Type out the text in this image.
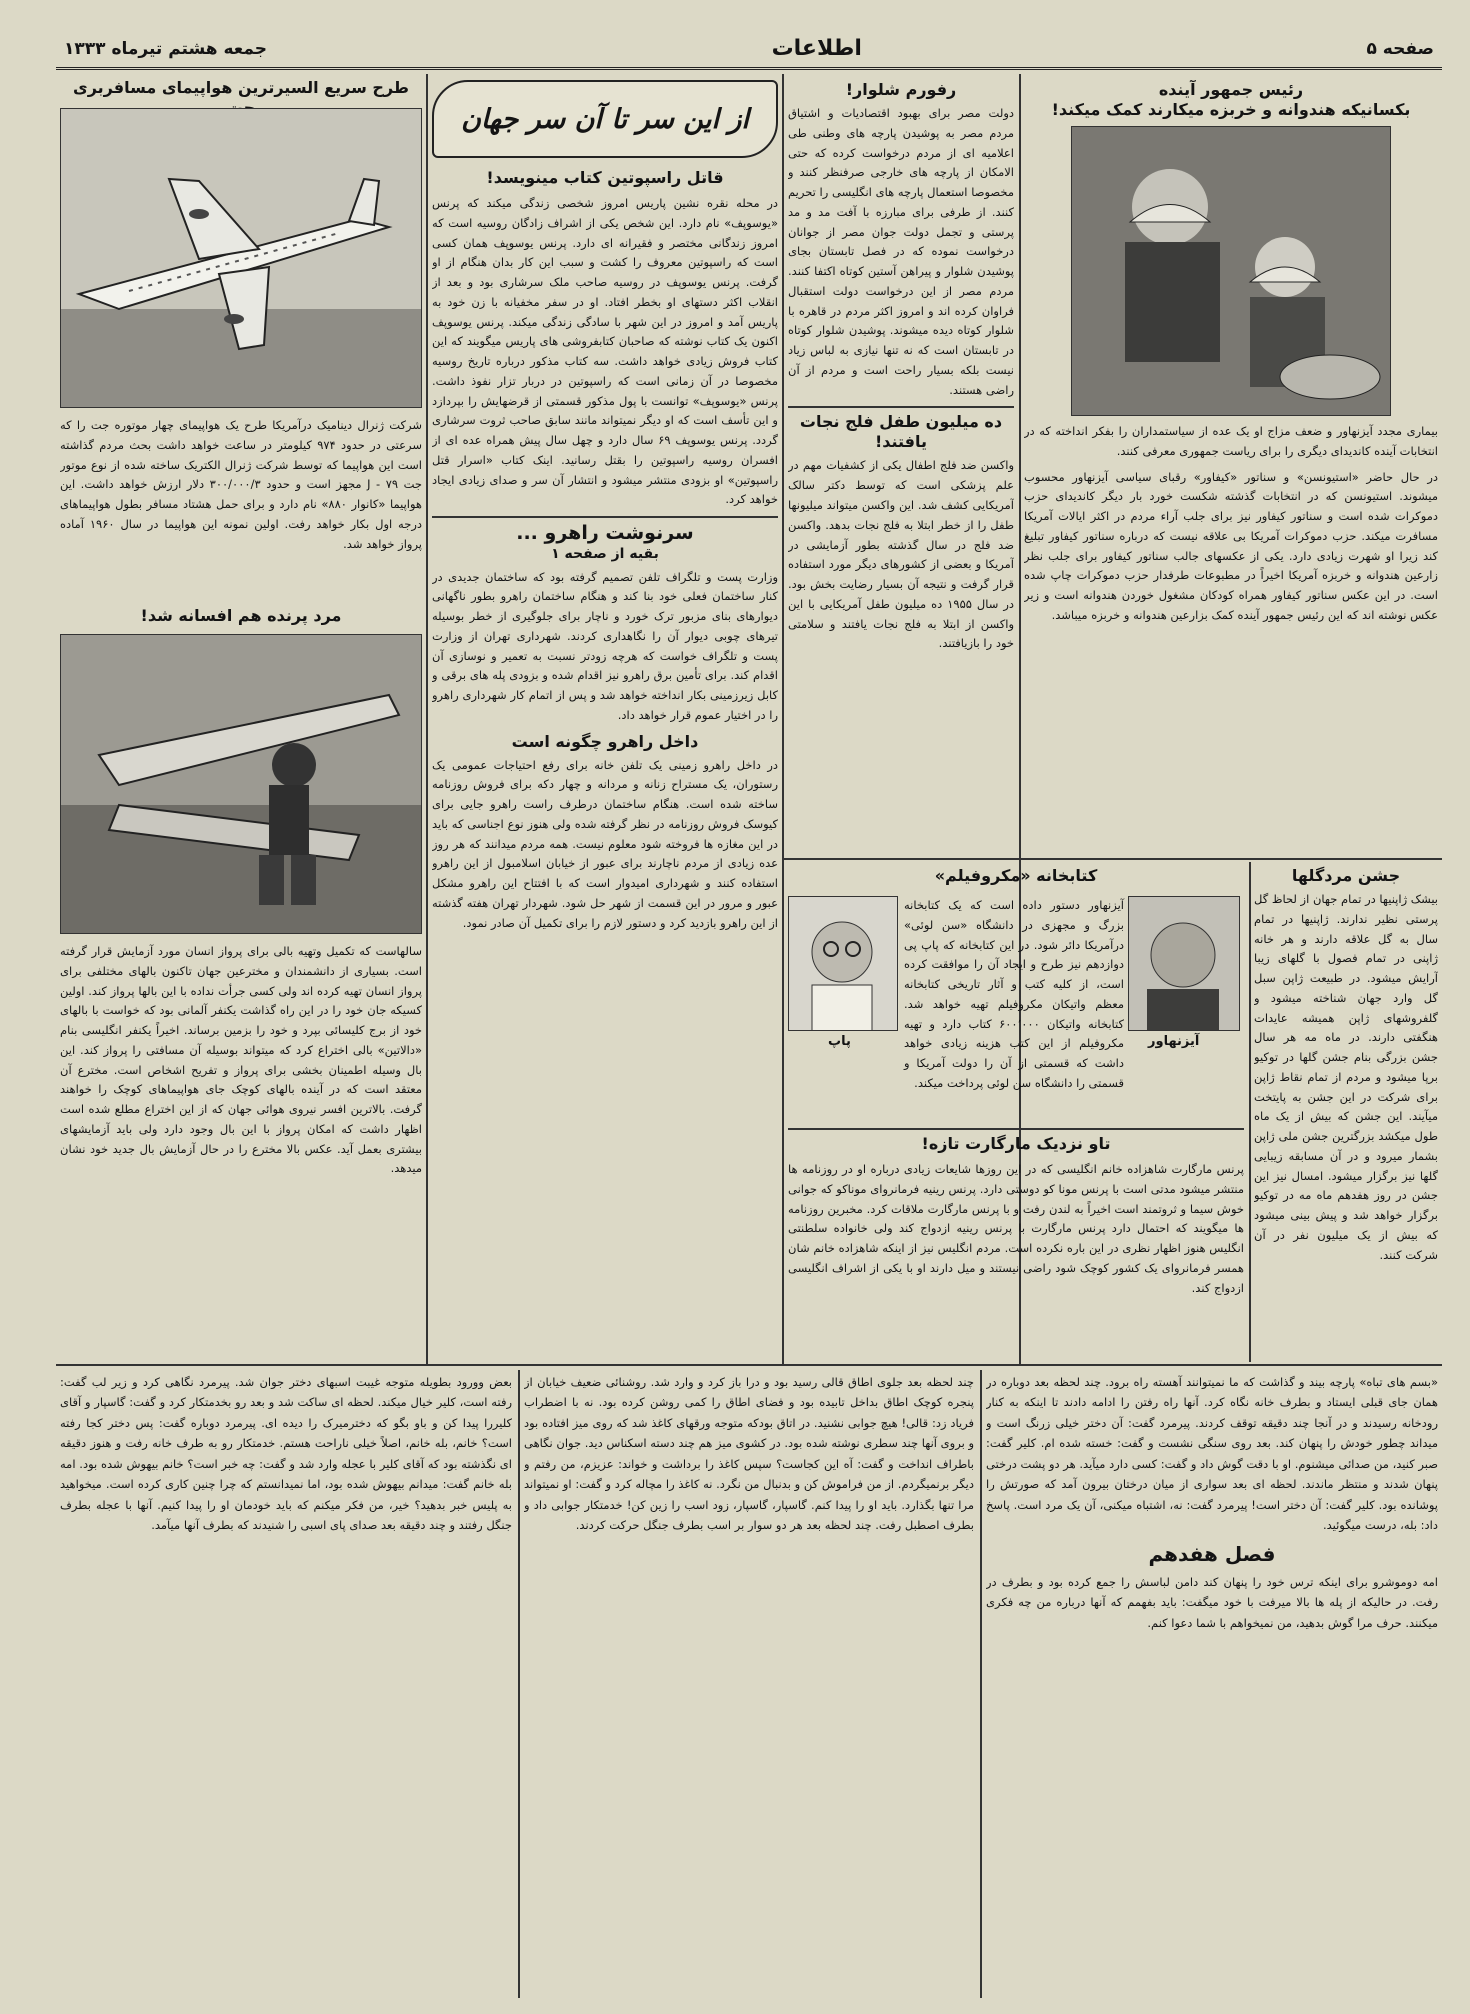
صفحه ۵
اطلاعات
جمعه هشتم تیرماه ۱۳۳۳
طرح سریع السیرترین هواپیمای مسافربری

شرکت ژنرال دینامیک درآمریکا طرح یک هواپیمای چهار موتوره جت را که سرعتی در حدود ۹۷۴ کیلومتر در ساعت خواهد داشت بحث مردم گذاشته است این هواپیما که توسط شرکت ژنرال الکتریک ساخته شده از نوع موتور جت ۷۹ - J مجهز است و حدود ۳۰۰/۰۰۰/۳ دلار ارزش خواهد داشت. این هواپیما «کانوار ۸۸۰» نام دارد و برای حمل هشتاد مسافر بطول هواپیماهای درجه اول بکار خواهد رفت. اولین نمونه این هواپیما در سال ۱۹۶۰ آماده پرواز خواهد شد.

مرد پرنده هم افسانه شد!

سالهاست که تکمیل وتهیه بالی برای پرواز انسان مورد آزمایش قرار گرفته است. بسیاری از دانشمندان و مخترعین جهان تاکنون بالهای مختلفی برای پرواز انسان تهیه کرده اند ولی کسی جرأت نداده با این بالها پرواز کند. اولین کسیکه جان خود را در این راه گذاشت یکنفر آلمانی بود که خواست با بالهای خود از برج کلیسائی بپرد و خود را بزمین برساند. اخیراً یکنفر انگلیسی بنام «دالاتین» بالی اختراع کرد که میتواند بوسیله آن مسافتی را پرواز کند. این بال وسیله اطمینان بخشی برای پرواز و تفریح اشخاص است. مخترع آن معتقد است که در آینده بالهای کوچک جای هواپیماهای کوچک را خواهند گرفت. بالاترین افسر نیروی هوائی جهان که از این اختراع مطلع شده است اظهار داشت که امکان پرواز با این بال وجود دارد ولی باید آزمایشهای بیشتری بعمل آید. عکس بالا مخترع را در حال آزمایش بال جدید خود نشان میدهد.

از این سر تا آن سر جهان
قاتل راسپوتین کتاب مینویسد!

در محله نقره نشین پاریس امروز شخصی زندگی میکند که پرنس «یوسوپف» نام دارد. این شخص یکی از اشراف زادگان روسیه است که امروز زندگانی مختصر و فقیرانه ای دارد. پرنس یوسوپف همان کسی است که راسپوتین معروف را کشت و سبب این کار بدان هنگام از او گرفت. پرنس یوسوپف در روسیه صاحب ملک سرشاری بود و بعد از انقلاب اکثر دستهای او بخطر افتاد. او در سفر مخفیانه با زن خود به پاریس آمد و امروز در این شهر با سادگی زندگی میکند. پرنس یوسوپف اکنون یک کتاب نوشته که صاحبان کتابفروشی های پاریس میگویند که این کتاب فروش زیادی خواهد داشت. سه کتاب مذکور درباره تاریخ روسیه مخصوصا در آن زمانی است که راسپوتین در دربار تزار نفوذ داشت. پرنس «یوسوپف» توانست با پول مذکور قسمتی از قرضهایش را بپردازد و این تأسف است که او دیگر نمیتواند مانند سابق صاحب ثروت سرشاری گردد. پرنس یوسوپف ۶۹ سال دارد و چهل سال پیش همراه عده ای از افسران روسیه راسپوتین را بقتل رسانید. اینک کتاب «اسرار قتل راسپوتین» او بزودی منتشر میشود و انتشار آن سر و صدای زیادی ایجاد خواهد کرد.

سرنوشت راهرو ...
بقیه از صفحه ۱

وزارت پست و تلگراف تلفن تصمیم گرفته بود که ساختمان جدیدی در کنار ساختمان فعلی خود بنا کند و هنگام ساختمان راهرو بطور ناگهانی دیوارهای بنای مزبور ترک خورد و ناچار برای جلوگیری از خطر بوسیله تیرهای چوبی دیوار آن را نگاهداری کردند. شهرداری تهران از وزارت پست و تلگراف خواست که هرچه زودتر نسبت به تعمیر و نوسازی آن اقدام کند. برای تأمین برق راهرو نیز اقدام شده و بزودی پله های برقی و کابل زیرزمینی بکار انداخته خواهد شد و پس از اتمام کار شهرداری راهرو را در اختیار عموم قرار خواهد داد.

داخل راهرو چگونه است

در داخل راهرو زمینی یک تلفن خانه برای رفع احتیاجات عمومی یک رستوران، یک مستراح زنانه و مردانه و چهار دکه برای فروش روزنامه ساخته شده است. هنگام ساختمان درطرف راست راهرو جایی برای کیوسک فروش روزنامه در نظر گرفته شده ولی هنوز نوع اجناسی که باید در این مغازه ها فروخته شود معلوم نیست. همه مردم میدانند که هر روز عده زیادی از مردم ناچارند برای عبور از خیابان اسلامبول از این راهرو استفاده کنند و شهرداری امیدوار است که با افتتاح این راهرو مشکل عبور و مرور در این قسمت از شهر حل شود. شهردار تهران هفته گذشته از این راهرو بازدید کرد و دستور لازم را برای تکمیل آن صادر نمود.

رفورم شلوار!

دولت مصر برای بهبود اقتصادیات و اشتیاق مردم مصر به پوشیدن پارچه های وطنی طی اعلامیه ای از مردم درخواست کرده که حتی الامکان از پارچه های خارجی صرفنظر کنند و مخصوصا استعمال پارچه های انگلیسی را تحریم کنند. از طرفی برای مبارزه با آفت مد و مد پرستی و تجمل دولت جوان مصر از جوانان درخواست نموده که در فصل تابستان بجای پوشیدن شلوار و پیراهن آستین کوتاه اکتفا کنند. مردم مصر از این درخواست دولت استقبال فراوان کرده اند و امروز اکثر مردم در قاهره با شلوار کوتاه دیده میشوند. پوشیدن شلوار کوتاه در تابستان است که نه تنها نیازی به لباس زیاد نیست بلکه بسیار راحت است و مردم از آن راضی هستند.

ده میلیون طفل فلج نجات یافتند!

واکسن ضد فلج اطفال یکی از کشفیات مهم در علم پزشکی است که توسط دکتر سالک آمریکایی کشف شد. این واکسن میتواند میلیونها طفل را از خطر ابتلا به فلج نجات بدهد. واکسن ضد فلج در سال گذشته بطور آزمایشی در آمریکا و بعضی از کشورهای دیگر مورد استفاده قرار گرفت و نتیجه آن بسیار رضایت بخش بود. در سال ۱۹۵۵ ده میلیون طفل آمریکایی با این واکسن از ابتلا به فلج نجات یافتند و سلامتی خود را بازیافتند.

رئیس جمهور آینده
بکسانیکه هندوانه و خربزه میکارند کمک میکند!

بیماری مجدد آیزنهاور و ضعف مزاج او یک عده از سیاستمداران را بفکر انداخته که در انتخابات آینده کاندیدای دیگری را برای ریاست جمهوری معرفی کنند.

در حال حاضر «استیونسن» و سناتور «کیفاور» رقبای سیاسی آیزنهاور محسوب میشوند. استیونسن که در انتخابات گذشته شکست خورد بار دیگر کاندیدای حزب دموکرات شده است و سناتور کیفاور نیز برای جلب آراء مردم در اکثر ایالات آمریکا مسافرت میکند. حزب دموکرات آمریکا بی علاقه نیست که درباره سناتور کیفاور تبلیغ کند زیرا او شهرت زیادی دارد. یکی از عکسهای جالب سناتور کیفاور برای جلب نظر زارعین هندوانه و خربزه آمریکا اخیراً در مطبوعات طرفدار حزب دموکرات چاپ شده است. در این عکس سناتور کیفاور همراه کودکان مشغول خوردن هندوانه است و زیر عکس نوشته اند که این رئیس جمهور آینده کمک بزارعین هندوانه و خربزه میباشد.

جشن مردگلها

بیشک ژاپنیها در تمام جهان از لحاظ گل پرستی نظیر ندارند. ژاپنیها در تمام سال به گل علاقه دارند و هر خانه ژاپنی در تمام فصول با گلهای زیبا آرایش میشود. در طبیعت ژاپن سبل گل وارد جهان شناخته میشود و گلفروشهای ژاپن همیشه عایدات هنگفتی دارند. در ماه مه هر سال جشن بزرگی بنام جشن گلها در توکیو برپا میشود و مردم از تمام نقاط ژاپن برای شرکت در این جشن به پایتخت میآیند. این جشن که بیش از یک ماه طول میکشد بزرگترین جشن ملی ژاپن بشمار میرود و در آن مسابقه زیبایی گلها نیز برگزار میشود. امسال نیز این جشن در روز هفدهم ماه مه در توکیو برگزار خواهد شد و پیش بینی میشود که بیش از یک میلیون نفر در آن شرکت کنند.

کتابخانه «مکروفیلم»
پاپ	آیزنهاور

آیزنهاور دستور داده است که یک کتابخانه بزرگ و مجهزی در دانشگاه «سن لوئی» درآمریکا دائر شود. در این کتابخانه که پاپ پی دوازدهم نیز طرح و ایجاد آن را موافقت کرده است، از کلیه کتب و آثار تاریخی کتابخانه معظم واتیکان مکروفیلم تهیه خواهد شد. کتابخانه واتیکان ۶۰۰٬۰۰۰ کتاب دارد و تهیه مکروفیلم از این کتب هزینه زیادی خواهد داشت که قسمتی از آن را دولت آمریکا و قسمتی را دانشگاه سن لوئی پرداخت میکند.

تاو نزدیک مارگارت تازه!

پرنس مارگارت شاهزاده خانم انگلیسی که در این روزها شایعات زیادی درباره او در روزنامه ها منتشر میشود مدتی است با پرنس مونا کو دوستی دارد. پرنس رینیه فرمانروای موناکو که جوانی خوش سیما و ثروتمند است اخیراً به لندن رفت و با پرنس مارگارت ملاقات کرد. مخبرین روزنامه ها میگویند که احتمال دارد پرنس مارگارت با پرنس رینیه ازدواج کند ولی خانواده سلطنتی انگلیس هنوز اظهار نظری در این باره نکرده است. مردم انگلیس نیز از اینکه شاهزاده خانم شان همسر فرمانروای یک کشور کوچک شود راضی نیستند و میل دارند او با یکی از اشراف انگلیسی ازدواج کند.

بعض وورود بطویله متوجه غیبت اسبهای دختر جوان شد. پیرمرد نگاهی کرد و زیر لب گفت: رفته است، کلیر خیال میکند. لحظه ای ساکت شد و بعد رو بخدمتکار کرد و گفت: گاسپار و آقای کلیررا پیدا کن و باو بگو که دخترمیرک را دیده ای. پیرمرد دوباره گفت: پس دختر کجا رفته است؟ خانم، بله خانم، اصلاً خیلی ناراحت هستم. خدمتکار رو به طرف خانه رفت و هنوز دقیقه ای نگذشته بود که آقای کلیر با عجله وارد شد و گفت: چه خبر است؟ خانم بیهوش شده بود. امه بله خانم گفت: میدانم بیهوش شده بود، اما نمیدانستم که چرا چنین کاری کرده است. میخواهید به پلیس خبر بدهید؟ خیر، من فکر میکنم که باید خودمان او را پیدا کنیم. آنها با عجله بطرف جنگل رفتند و چند دقیقه بعد صدای پای اسبی را شنیدند که بطرف آنها میآمد.

چند لحظه بعد جلوی اطاق قالی رسید بود و درا باز کرد و وارد شد. روشنائی ضعیف خیابان از پنجره کوچک اطاق بداخل تابیده بود و فضای اطاق را کمی روشن کرده بود. نه با اضطراب فریاد زد: قالی! هیچ جوابی نشنید. در اتاق بودکه متوجه ورقهای کاغذ شد که روی میز افتاده بود و بروی آنها چند سطری نوشته شده بود. در کشوی میز هم چند دسته اسکناس دید. جوان نگاهی باطراف انداخت و گفت: آه این کجاست؟ سپس کاغذ را برداشت و خواند: عزیزم، من رفتم و دیگر برنمیگردم. از من فراموش کن و بدنبال من نگرد. نه کاغذ را مچاله کرد و گفت: او نمیتواند مرا تنها بگذارد. باید او را پیدا کنم. گاسپار، گاسپار، زود اسب را زین کن! خدمتکار جوابی داد و بطرف اصطبل رفت. چند لحظه بعد هر دو سوار بر اسب بطرف جنگل حرکت کردند.

«بسم های تباه» پارچه بیند و گذاشت که ما نمیتوانند آهسته راه برود. چند لحظه بعد دوباره در همان جای قبلی ایستاد و بطرف خانه نگاه کرد. آنها راه رفتن را ادامه دادند تا اینکه به کنار رودخانه رسیدند و در آنجا چند دقیقه توقف کردند. پیرمرد گفت: آن دختر خیلی زرنگ است و میداند چطور خودش را پنهان کند. بعد روی سنگی نشست و گفت: خسته شده ام. کلیر گفت: صبر کنید، من صدائی میشنوم. او با دقت گوش داد و گفت: کسی دارد میآید. هر دو پشت درختی پنهان شدند و منتظر ماندند. لحظه ای بعد سواری از میان درختان بیرون آمد که صورتش را پوشانده بود. کلیر گفت: آن دختر است! پیرمرد گفت: نه، اشتباه میکنی، آن یک مرد است. پاسخ داد: بله، درست میگوئید.

فصل هفدهم

امه دوموشرو برای اینکه ترس خود را پنهان کند دامن لباسش را جمع کرده بود و بطرف در رفت. در حالیکه از پله ها بالا میرفت با خود میگفت: باید بفهمم که آنها درباره من چه فکری میکنند. حرف مرا گوش بدهید، من نمیخواهم با شما دعوا کنم.
